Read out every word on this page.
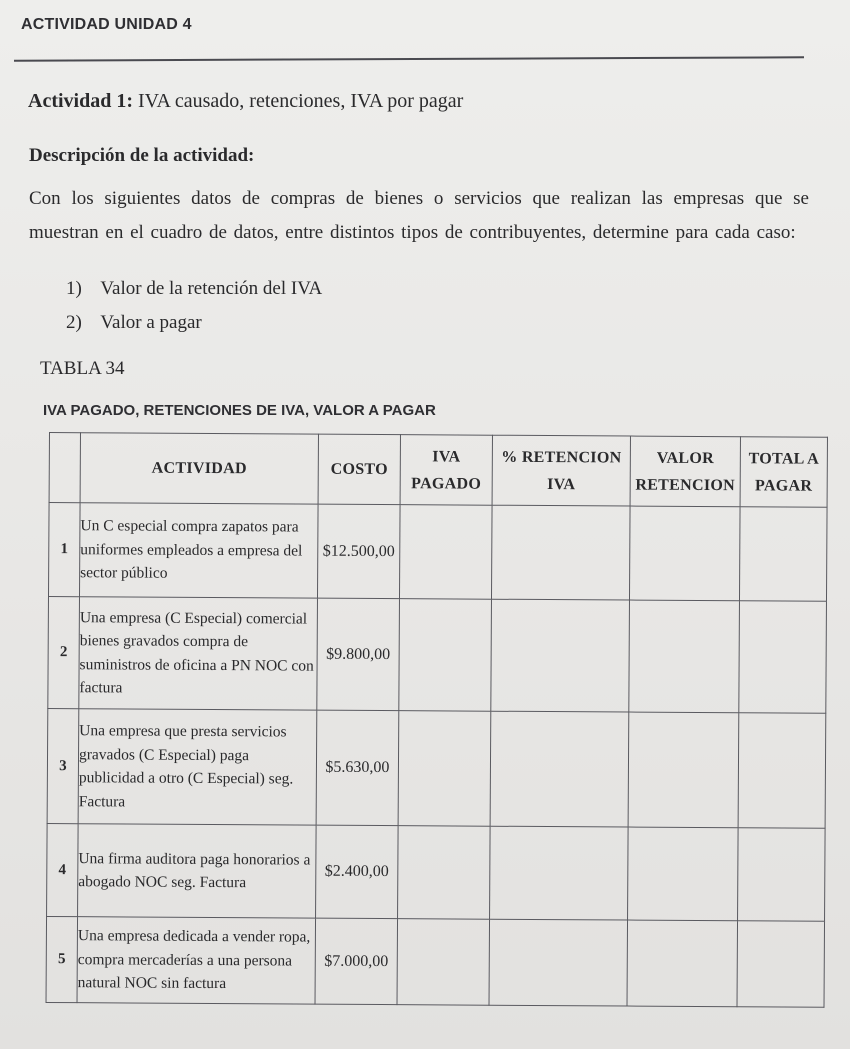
ACTIVIDAD UNIDAD 4
Actividad 1: IVA causado, retenciones, IVA por pagar
Descripción de la actividad:
Con los siguientes datos de compras de bienes o servicios que realizan las empresas que se muestran en el cuadro de datos, entre distintos tipos de contribuyentes, determine para cada caso:
1) Valor de la retención del IVA
2) Valor a pagar
TABLA 34
IVA PAGADO, RETENCIONES DE IVA, VALOR A PAGAR
	ACTIVIDAD	COSTO	IVA PAGADO	% RETENCION IVA	VALOR RETENCION	TOTAL A PAGAR
1	Un C especial compra zapatos para uniformes empleados a empresa del sector público	$12.500,00				
2	Una empresa (C Especial) comercial bienes gravados compra de suministros de oficina a PN NOC con factura	$9.800,00				
3	Una empresa que presta servicios gravados (C Especial) paga publicidad a otro (C Especial) seg. Factura	$5.630,00				
4	Una firma auditora paga honorarios a abogado NOC seg. Factura	$2.400,00				
5	Una empresa dedicada a vender ropa, compra mercaderías a una persona natural NOC sin factura	$7.000,00				
